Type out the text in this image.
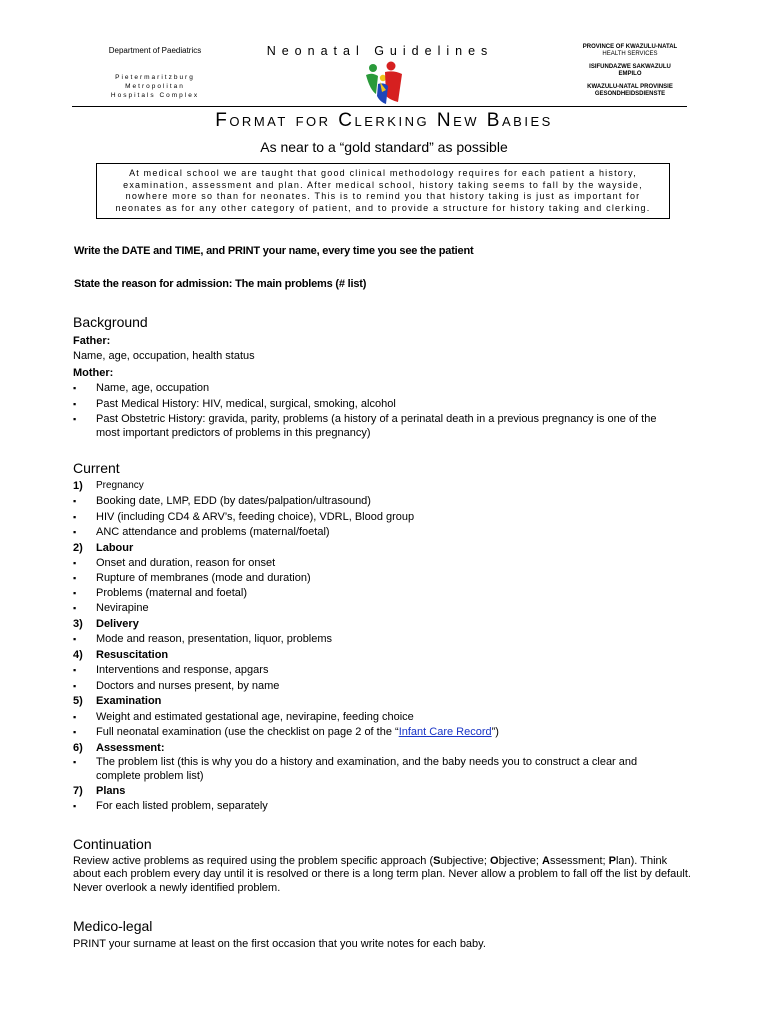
Department of Paediatrics
Pietermaritzburg
Metropolitan
Hospitals Complex
Neonatal Guidelines	PROVINCE OF KWAZULU-NATAL
HEALTH SERVICES
ISIFUNDAZWE SAKWAZULU
EMPILO
KWAZULU-NATAL PROVINSIE
GESONDHEIDSDIENSTE
Format for Clerking New Babies
As near to a “gold standard” as possible
At medical school we are taught that good clinical methodology requires for each patient a history, examination, assessment and plan. After medical school, history taking seems to fall by the wayside, nowhere more so than for neonates. This is to remind you that history taking is just as important for neonates as for any other category of patient, and to provide a structure for history taking and clerking.
Write the DATE and TIME, and PRINT your name, every time you see the patient
State the reason for admission: The main problems (# list)
Background
Father:
Name, age, occupation, health status
Mother:
▪	Name, age, occupation
▪	Past Medical History: HIV, medical, surgical, smoking, alcohol
▪	Past Obstetric History: gravida, parity, problems (a history of a perinatal death in a previous pregnancy is one of the most important predictors of problems in this pregnancy)
Current
1) Pregnancy
▪	Booking date, LMP, EDD (by dates/palpation/ultrasound)
▪	HIV (including CD4 & ARV’s, feeding choice), VDRL, Blood group
▪	ANC attendance and problems (maternal/foetal)
2) Labour
▪	Onset and duration, reason for onset
▪	Rupture of membranes (mode and duration)
▪	Problems (maternal and foetal)
▪	Nevirapine
3) Delivery
▪	Mode and reason, presentation, liquor, problems
4) Resuscitation
▪	Interventions and response, apgars
▪	Doctors and nurses present, by name
5) Examination
▪	Weight and estimated gestational age, nevirapine, feeding choice
▪	Full neonatal examination (use the checklist on page 2 of the “Infant Care Record”)
6) Assessment:
▪	The problem list (this is why you do a history and examination, and the baby needs you to construct a clear and complete problem list)
7) Plans
▪	For each listed problem, separately
Continuation
Review active problems as required using the problem specific approach (Subjective; Objective; Assessment; Plan). Think about each problem every day until it is resolved or there is a long term plan. Never allow a problem to fall off the list by default. Never overlook a newly identified problem.
Medico-legal
PRINT your surname at least on the first occasion that you write notes for each baby.
